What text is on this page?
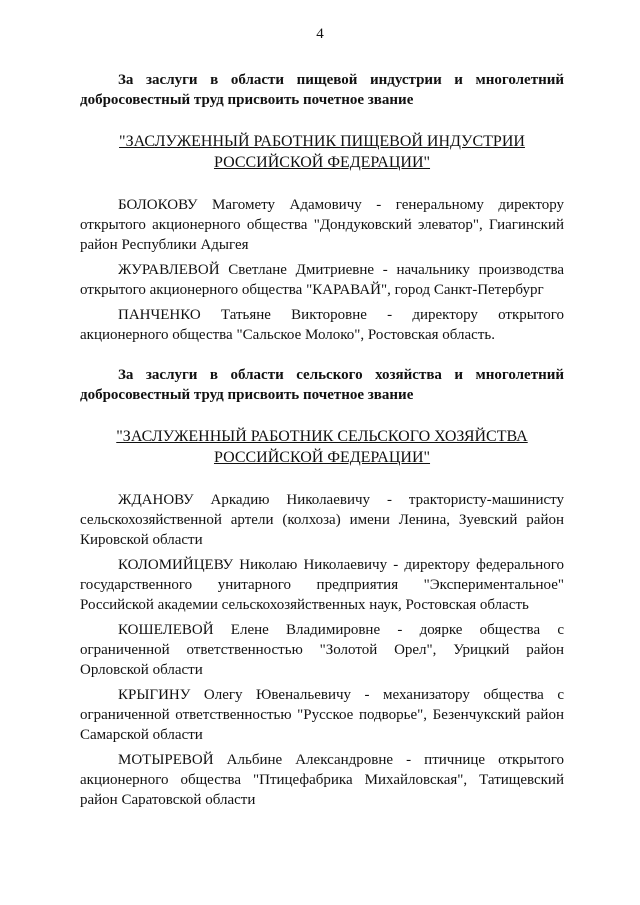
4

За заслуги в области пищевой индустрии и многолетний добросовестный труд присвоить почетное звание

"ЗАСЛУЖЕННЫЙ РАБОТНИК ПИЩЕВОЙ ИНДУСТРИИ

РОССИЙСКОЙ ФЕДЕРАЦИИ"

БОЛОКОВУ Магомету Адамовичу - генеральному директору открытого акционерного общества "Дондуковский элеватор", Гиагинский район Республики Адыгея

ЖУРАВЛЕВОЙ Светлане Дмитриевне - начальнику производства открытого акционерного общества "КАРАВАЙ", город Санкт-Петербург

ПАНЧЕНКО Татьяне Викторовне - директору открытого акционерного общества "Сальское Молоко", Ростовская область.

За заслуги в области сельского хозяйства и многолетний добросовестный труд присвоить почетное звание

"ЗАСЛУЖЕННЫЙ РАБОТНИК СЕЛЬСКОГО ХОЗЯЙСТВА

РОССИЙСКОЙ ФЕДЕРАЦИИ"

ЖДАНОВУ Аркадию Николаевичу - трактористу-машинисту сельскохозяйственной артели (колхоза) имени Ленина, Зуевский район Кировской области

КОЛОМИЙЦЕВУ Николаю Николаевичу - директору федерального государственного унитарного предприятия "Экспериментальное" Российской академии сельскохозяйственных наук, Ростовская область

КОШЕЛЕВОЙ Елене Владимировне - доярке общества с ограниченной ответственностью "Золотой Орел", Урицкий район Орловской области

КРЫГИНУ Олегу Ювенальевичу - механизатору общества с ограниченной ответственностью "Русское подворье", Безенчукский район Самарской области

МОТЫРЕВОЙ Альбине Александровне - птичнице открытого акционерного общества "Птицефабрика Михайловская", Татищевский район Саратовской области
